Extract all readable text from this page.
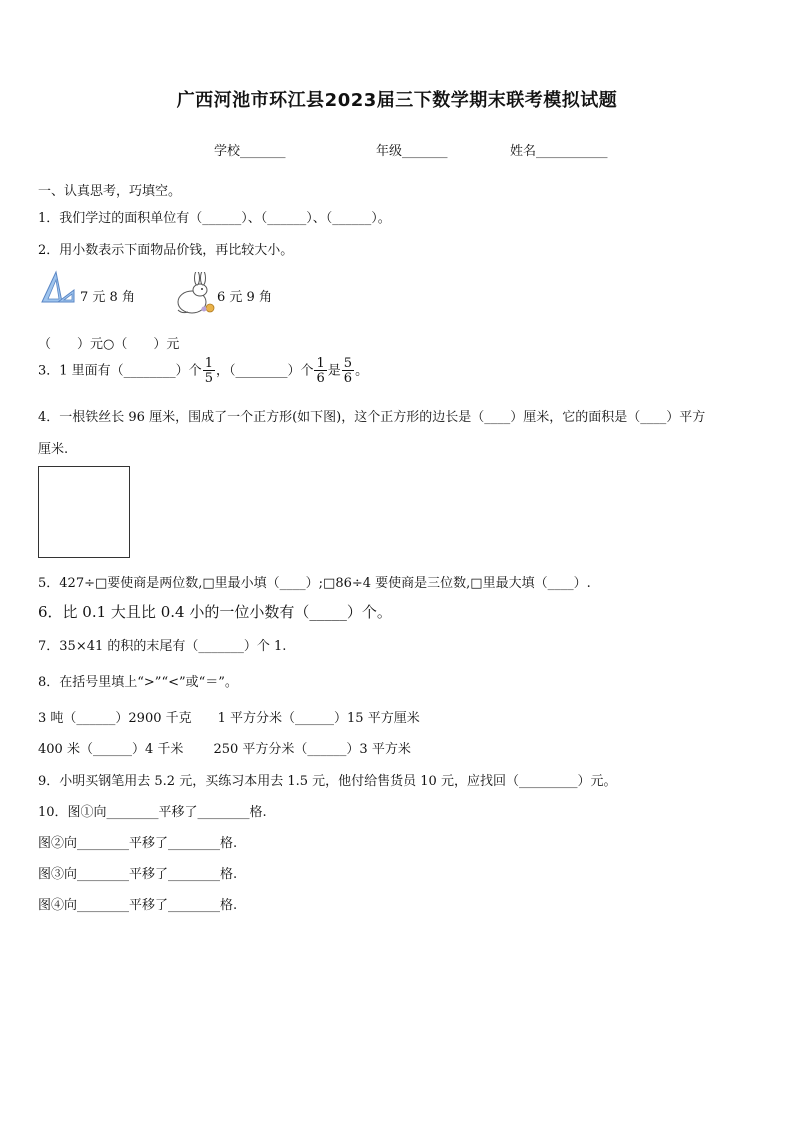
广西河池市环江县2023届三下数学期末联考模拟试题
学校_______	年级_______	姓名___________
一、认真思考，巧填空。
1．我们学过的面积单位有（______）、（______）、（______）。
2．用小数表示下面物品价钱，再比较大小。
7 元 8 角	6 元 9 角
（　　）元○（　　）元
3．1 里面有（________）个 $\frac{1}{5}$ ，（________）个 $\frac{1}{6}$ 是 $\frac{5}{6}$ 。
4．一根铁丝长 96 厘米，围成了一个正方形(如下图)，这个正方形的边长是（____）厘米，它的面积是（____）平方
厘米.
5．427÷□要使商是两位数,□里最小填（____）;□86÷4 要使商是三位数,□里最大填（____）.
6．比 0.1 大且比 0.4 小的一位小数有（_____）个。
7．35×41 的积的末尾有（_______）个 1.
8．在括号里填上“>”“<”或“＝”。
3 吨（______）2900 千克　　1 平方分米（______）15 平方厘米
400 米（______）4 千米　　 250 平方分米（______）3 平方米
9．小明买钢笔用去 5.2 元，买练习本用去 1.5 元，他付给售货员 10 元，应找回（_________）元。
10．图①向________平移了________格.
图②向________平移了________格.
图③向________平移了________格.
图④向________平移了________格.
